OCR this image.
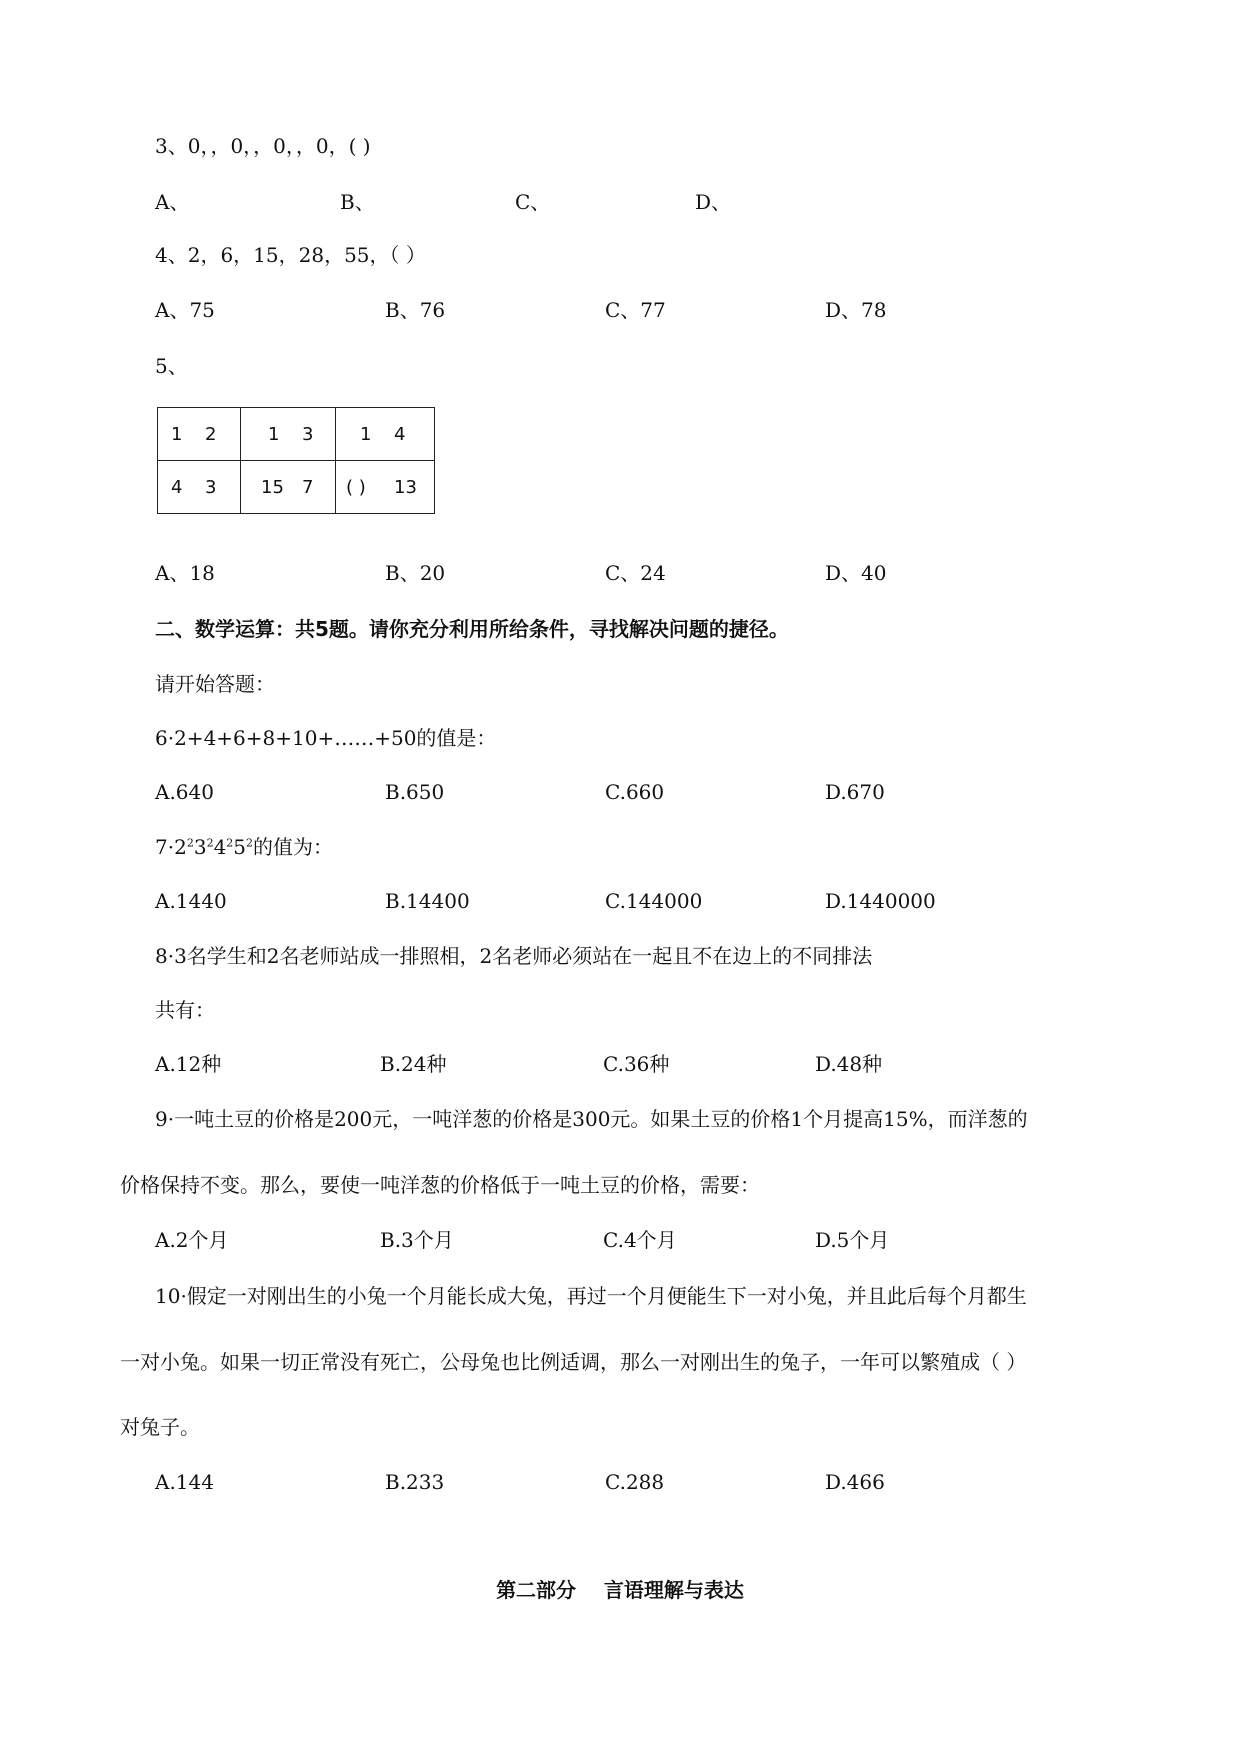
3、0，，0，，0，，0，( )
A、	B、	C、	D、
4、2，6，15，28，55，（ ）
A、75	B、76	C、77	D、78
5、
1 2	1 3	1 4
4 3	15 7	( ) 13
A、18	B、20	C、24	D、40
二、数学运算：共5题。请你充分利用所给条件，寻找解决问题的捷径。
请开始答题：
6·2+4+6+8+10+……+50的值是：
A.640	B.650	C.660	D.670
$7\cdot 2^23^24^25^2$的值为：
A.1440	B.14400	C.144000	D.1440000
8·3名学生和2名老师站成一排照相，2名老师必须站在一起且不在边上的不同排法
共有：
A.12种	B.24种	C.36种	D.48种
9·一吨土豆的价格是200元，一吨洋葱的价格是300元。如果土豆的价格1个月提高15%，而洋葱的
价格保持不变。那么，要使一吨洋葱的价格低于一吨土豆的价格，需要：
A.2个月	B.3个月	C.4个月	D.5个月
10·假定一对刚出生的小兔一个月能长成大兔，再过一个月便能生下一对小兔，并且此后每个月都生
一对小兔。如果一切正常没有死亡，公母兔也比例适调，那么一对刚出生的兔子，一年可以繁殖成（ ）
对兔子。
A.144	B.233	C.288	D.466
第二部分    言语理解与表达
